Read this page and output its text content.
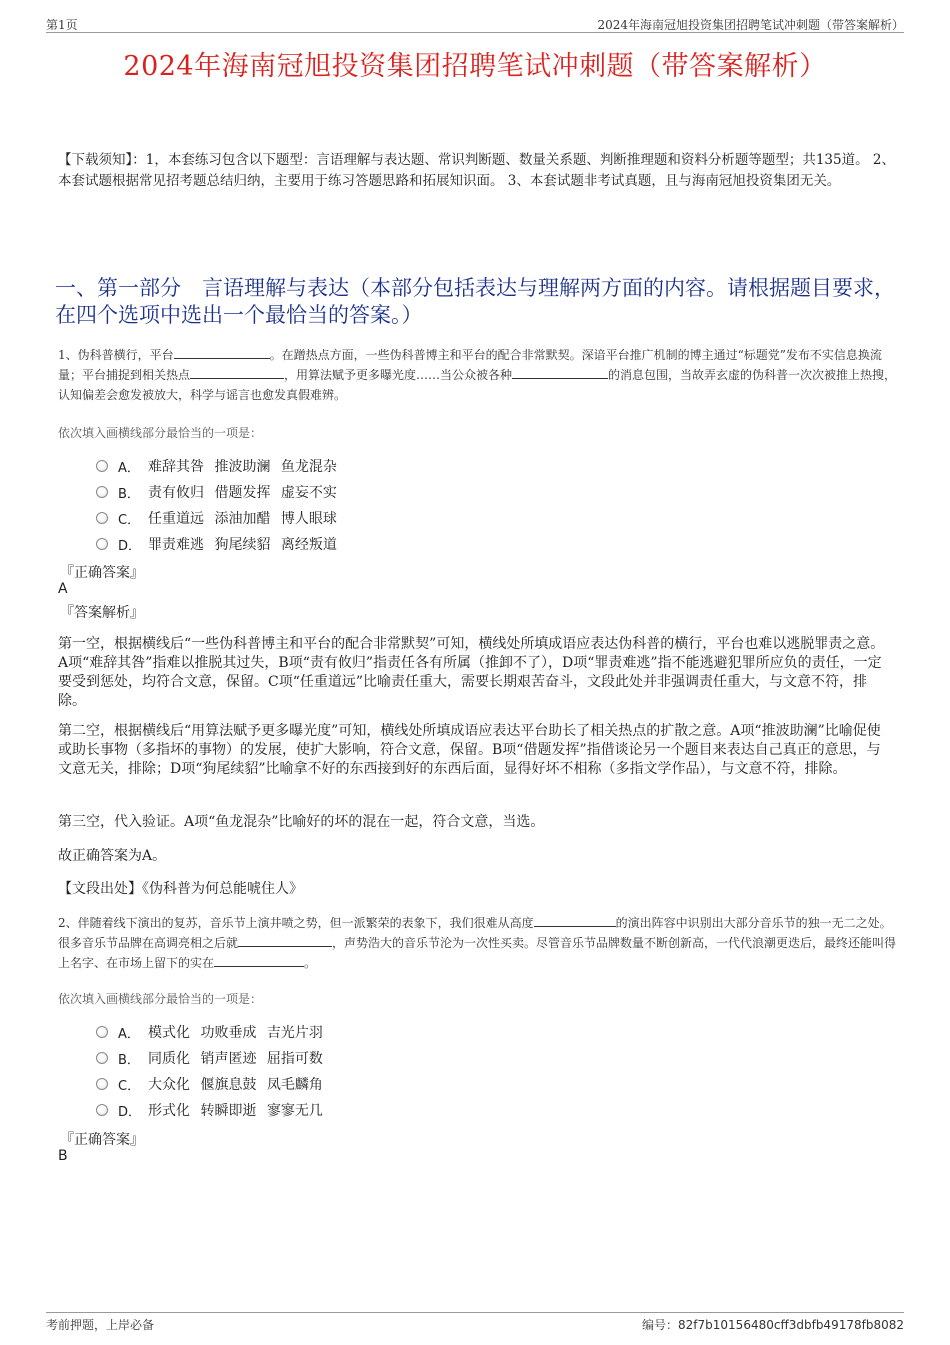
第1页	2024年海南冠旭投资集团招聘笔试冲刺题（带答案解析）
2024年海南冠旭投资集团招聘笔试冲刺题（带答案解析）
【下载须知】：1，本套练习包含以下题型：言语理解与表达题、常识判断题、数量关系题、判断推理题和资料分析题等题型；共135道。 2、本套试题根据常见招考题总结归纳，主要用于练习答题思路和拓展知识面。 3、本套试题非考试真题，且与海南冠旭投资集团无关。
一、第一部分　言语理解与表达（本部分包括表达与理解两方面的内容。请根据题目要求，在四个选项中选出一个最恰当的答案。）
1、伪科普横行，平台	。在蹭热点方面，一些伪科普博主和平台的配合非常默契。深谙平台推广机制的博主通过“标题党”发布不实信息换流量；平台捕捉到相关热点	，用算法赋予更多曝光度……当公众被各种	的消息包围，当故弄玄虚的伪科普一次次被推上热搜，认知偏差会愈发被放大，科学与谣言也愈发真假难辨。
依次填入画横线部分最恰当的一项是：
A． 难辞其咎 推波助澜 鱼龙混杂
B． 责有攸归 借题发挥 虚妄不实
C． 任重道远 添油加醋 博人眼球
D． 罪责难逃 狗尾续貂 离经叛道
『正确答案』
A
『答案解析』
第一空，根据横线后“一些伪科普博主和平台的配合非常默契”可知，横线处所填成语应表达伪科普的横行，平台也难以逃脱罪责之意。A项“难辞其咎”指难以推脱其过失，B项“责有攸归”指责任各有所属（推卸不了），D项“罪责难逃”指不能逃避犯罪所应负的责任，一定要受到惩处，均符合文意，保留。C项“任重道远”比喻责任重大，需要长期艰苦奋斗，文段此处并非强调责任重大，与文意不符，排除。
第二空，根据横线后“用算法赋予更多曝光度”可知，横线处所填成语应表达平台助长了相关热点的扩散之意。A项“推波助澜”比喻促使或助长事物（多指坏的事物）的发展，使扩大影响，符合文意，保留。B项“借题发挥”指借谈论另一个题目来表达自己真正的意思，与文意无关，排除；D项“狗尾续貂”比喻拿不好的东西接到好的东西后面，显得好坏不相称（多指文学作品），与文意不符，排除。
第三空，代入验证。A项“鱼龙混杂”比喻好的坏的混在一起，符合文意，当选。
故正确答案为A。
【文段出处】《伪科普为何总能唬住人》
2、伴随着线下演出的复苏，音乐节上演井喷之势，但一派繁荣的表象下，我们很难从高度	的演出阵容中识别出大部分音乐节的独一无二之处。很多音乐节品牌在高调亮相之后就	，声势浩大的音乐节沦为一次性买卖。尽管音乐节品牌数量不断创新高，一代代浪潮更迭后，最终还能叫得上名字、在市场上留下的实在	。
依次填入画横线部分最恰当的一项是：
A． 模式化 功败垂成 吉光片羽
B． 同质化 销声匿迹 屈指可数
C． 大众化 偃旗息鼓 凤毛麟角
D． 形式化 转瞬即逝 寥寥无几
『正确答案』
B
考前押题，上岸必备	编号：82f7b10156480cff3dbfb49178fb8082
